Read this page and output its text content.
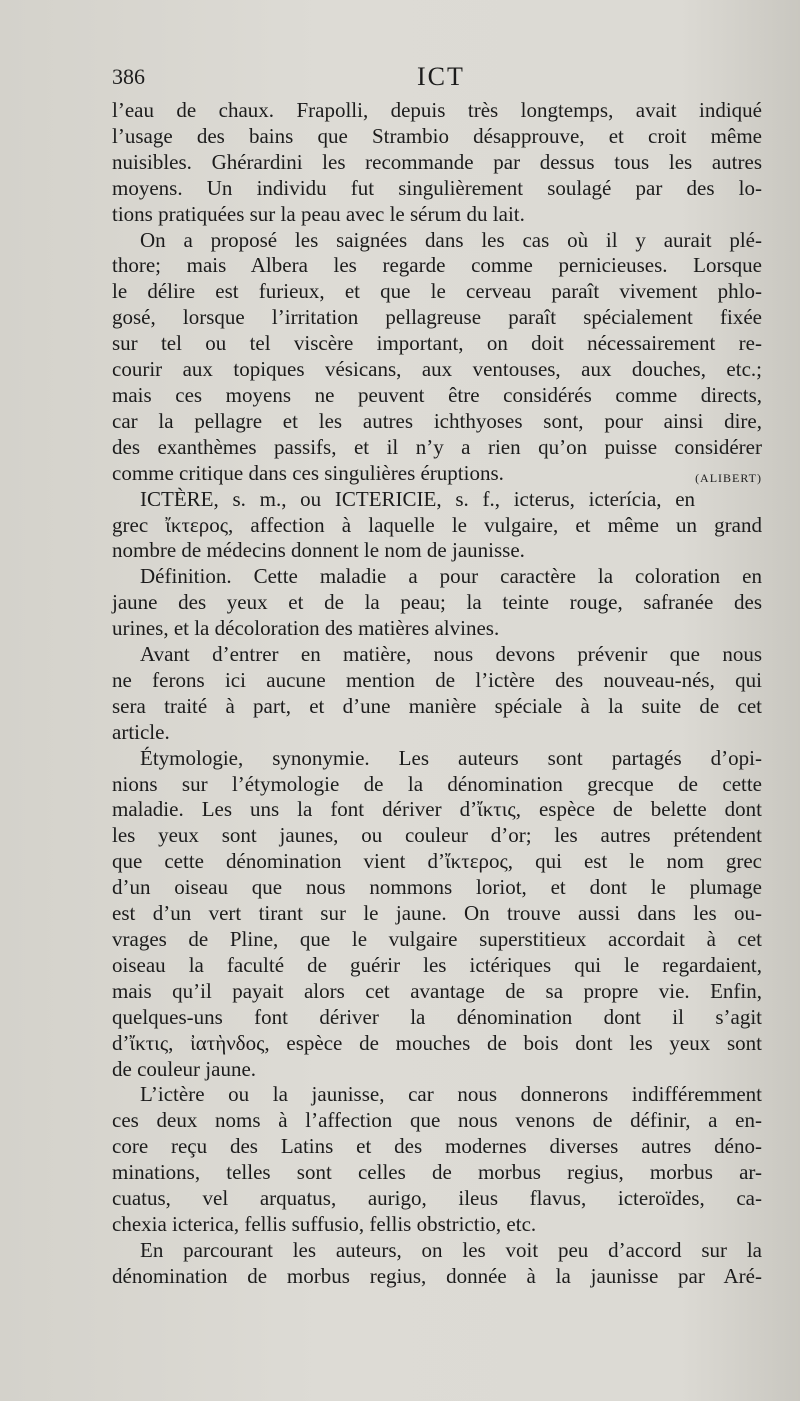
386	ICT

l’eau de chaux. Frapolli, depuis très longtemps, avait indiqué

l’usage des bains que Strambio désapprouve, et croit même

nuisibles. Ghérardini les recommande par dessus tous les autres

moyens. Un individu fut singulièrement soulagé par des lo-

tions pratiquées sur la peau avec le sérum du lait.

On a proposé les saignées dans les cas où il y aurait plé-

thore; mais Albera les regarde comme pernicieuses. Lorsque

le délire est furieux, et que le cerveau paraît vivement phlo-

gosé, lorsque l’irritation pellagreuse paraît spécialement fixée

sur tel ou tel viscère important, on doit nécessairement re-

courir aux topiques vésicans, aux ventouses, aux douches, etc.;

mais ces moyens ne peuvent être considérés comme directs,

car la pellagre et les autres ichthyoses sont, pour ainsi dire,

des exanthèmes passifs, et il n’y a rien qu’on puisse considérer

comme critique dans ces singulières éruptions.	(ALIBERT)

ICTÈRE, s. m., ou ICTERICIE, s. f., icterus, icterícia, en

grec ἴκτερος, affection à laquelle le vulgaire, et même un grand

nombre de médecins donnent le nom de jaunisse.

Définition. Cette maladie a pour caractère la coloration en

jaune des yeux et de la peau; la teinte rouge, safranée des

urines, et la décoloration des matières alvines.

Avant d’entrer en matière, nous devons prévenir que nous

ne ferons ici aucune mention de l’ictère des nouveau-nés, qui

sera traité à part, et d’une manière spéciale à la suite de cet

article.

Étymologie, synonymie. Les auteurs sont partagés d’opi-

nions sur l’étymologie de la dénomination grecque de cette

maladie. Les uns la font dériver d’ἴκτις, espèce de belette dont

les yeux sont jaunes, ou couleur d’or; les autres prétendent

que cette dénomination vient d’ἴκτερος, qui est le nom grec

d’un oiseau que nous nommons loriot, et dont le plumage

est d’un vert tirant sur le jaune. On trouve aussi dans les ou-

vrages de Pline, que le vulgaire superstitieux accordait à cet

oiseau la faculté de guérir les ictériques qui le regardaient,

mais qu’il payait alors cet avantage de sa propre vie. Enfin,

quelques-uns font dériver la dénomination dont il s’agit

d’ἴκτις, ἰατὴνδος, espèce de mouches de bois dont les yeux sont

de couleur jaune.

L’ictère ou la jaunisse, car nous donnerons indifféremment

ces deux noms à l’affection que nous venons de définir, a en-

core reçu des Latins et des modernes diverses autres déno-

minations, telles sont celles de morbus regius, morbus ar-

cuatus, vel arquatus, aurigo, ileus flavus, icteroïdes, ca-

chexia icterica, fellis suffusio, fellis obstrictio, etc.

En parcourant les auteurs, on les voit peu d’accord sur la

dénomination de morbus regius, donnée à la jaunisse par Aré-
